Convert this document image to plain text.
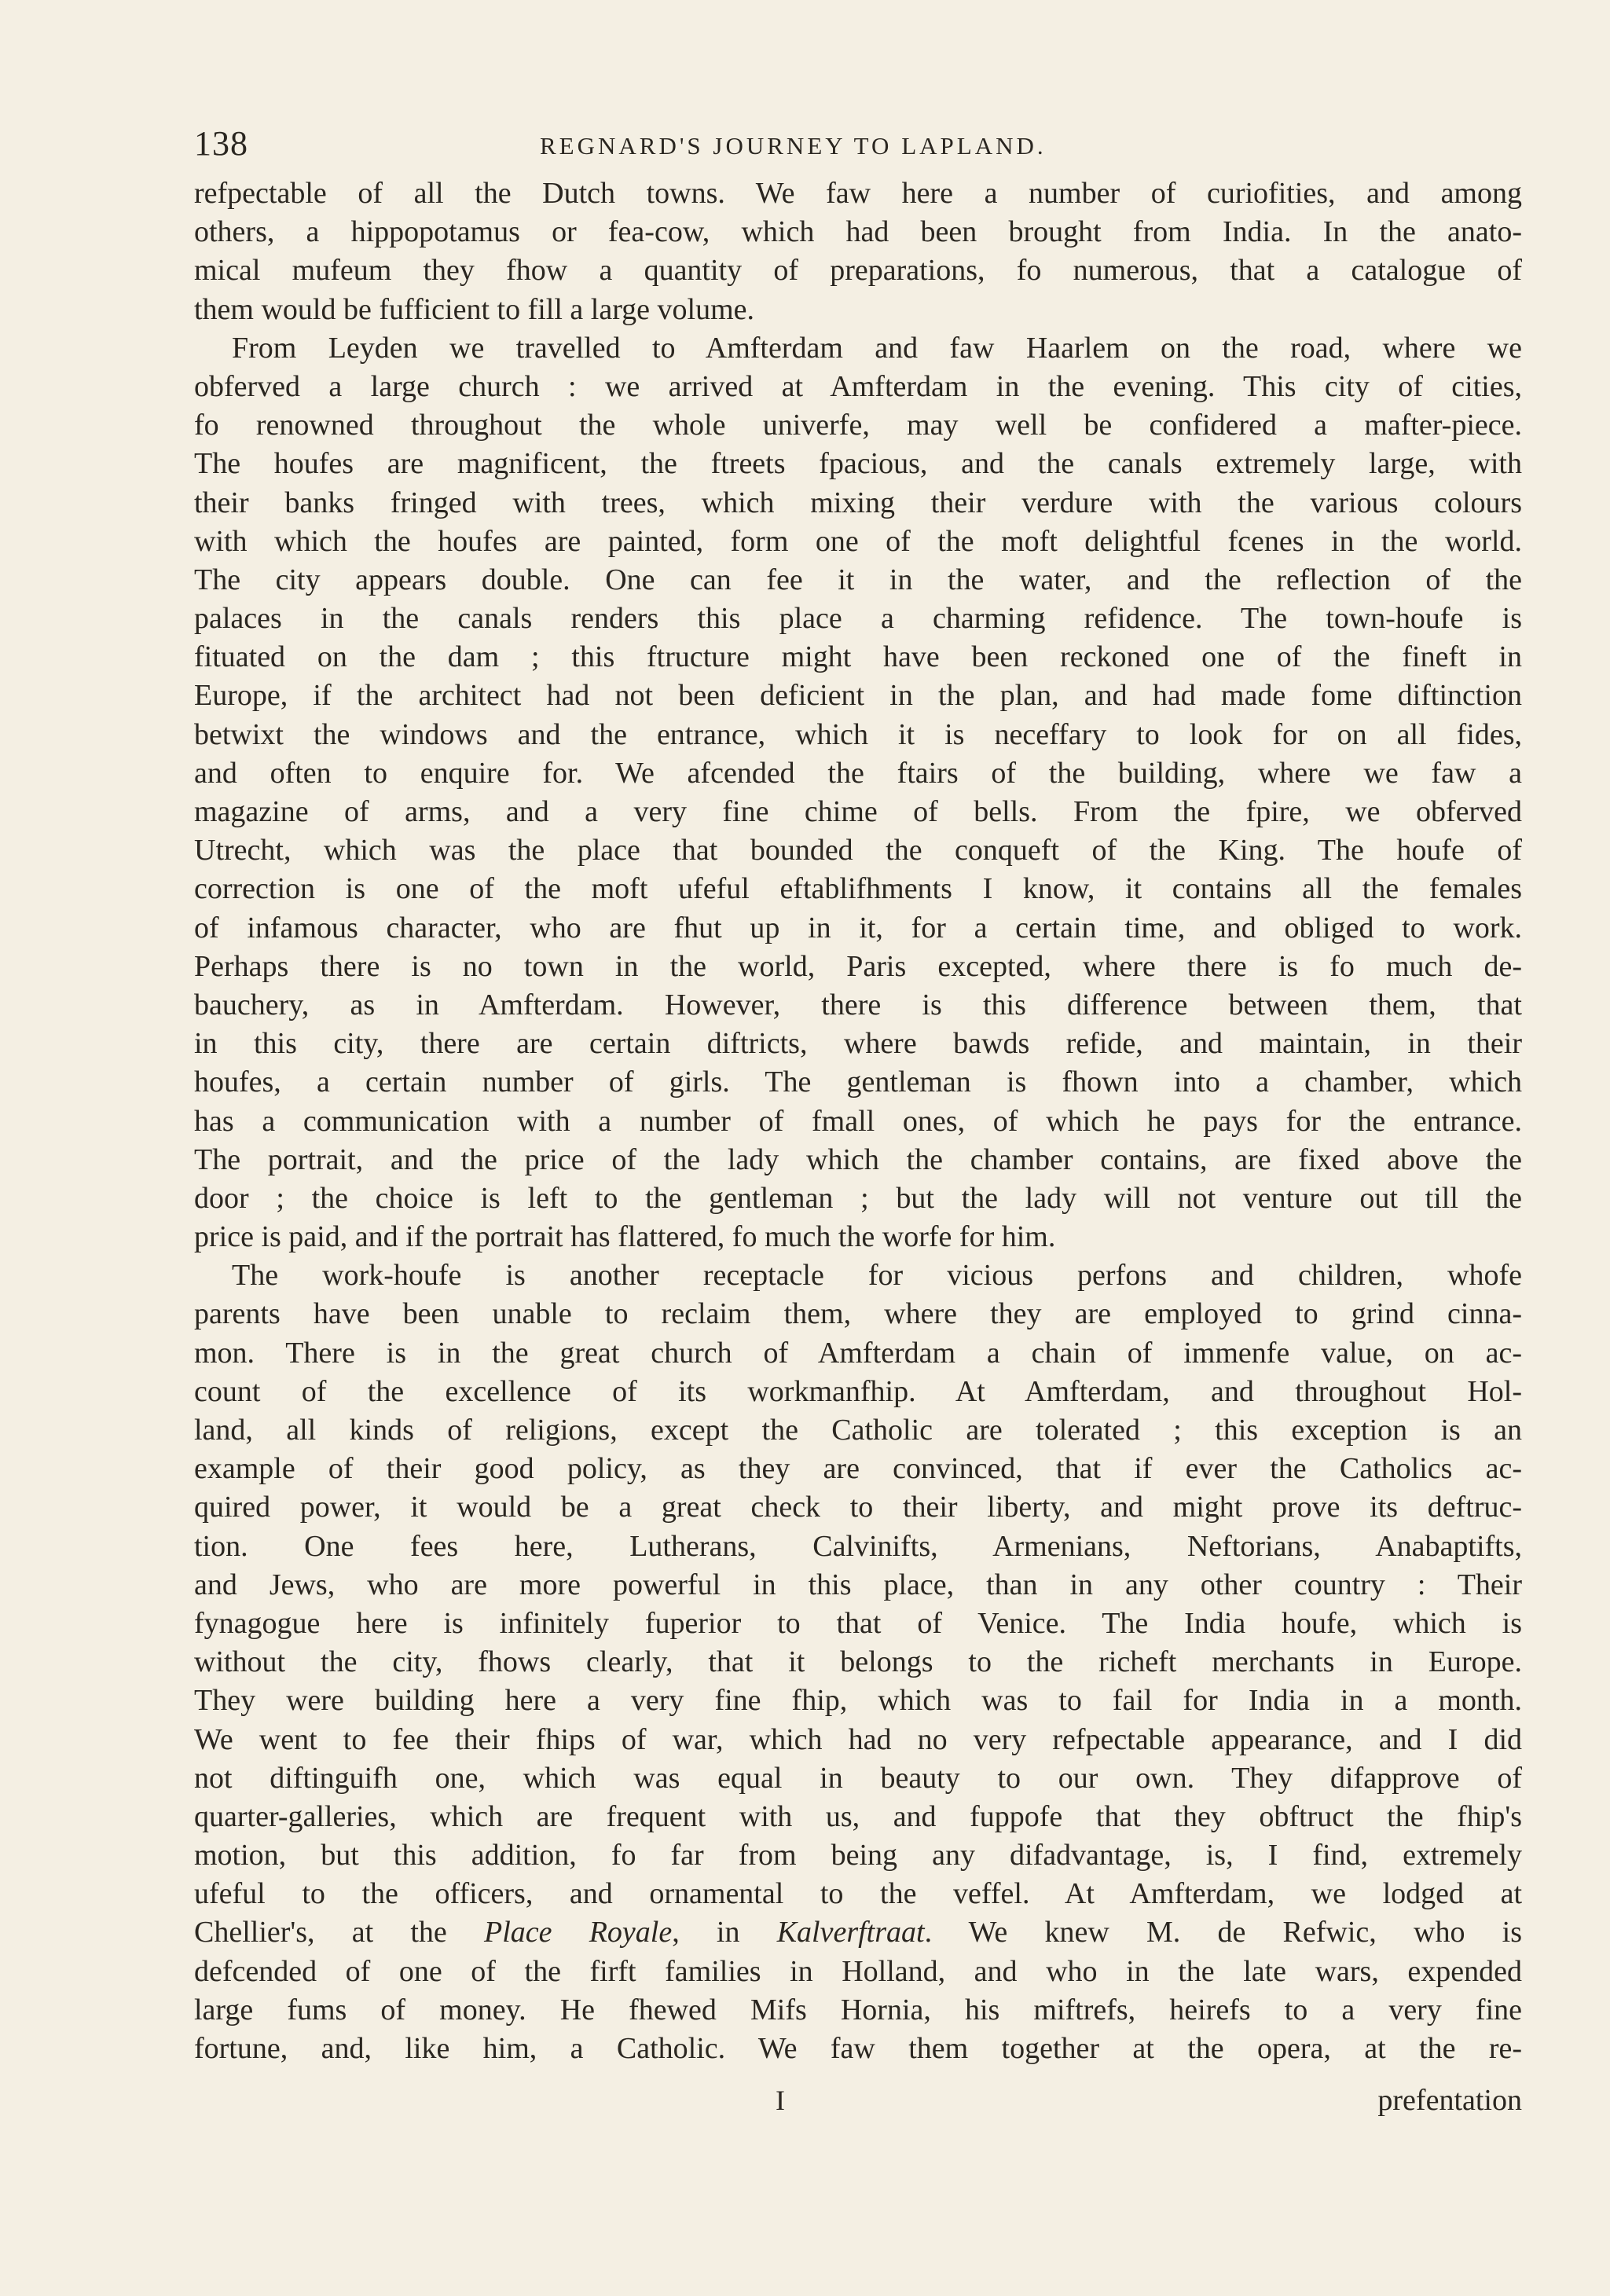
138	REGNARD'S JOURNEY TO LAPLAND.
refpectable of all the Dutch towns. We faw here a number of curiofities, and among
others, a hippopotamus or fea-cow, which had been brought from India. In the anato-
mical mufeum they fhow a quantity of preparations, fo numerous, that a catalogue of
them would be fufficient to fill a large volume.
From Leyden we travelled to Amfterdam and faw Haarlem on the road, where we
obferved a large church : we arrived at Amfterdam in the evening. This city of cities,
fo renowned throughout the whole univerfe, may well be confidered a mafter-piece.
The houfes are magnificent, the ftreets fpacious, and the canals extremely large, with
their banks fringed with trees, which mixing their verdure with the various colours
with which the houfes are painted, form one of the moft delightful fcenes in the world.
The city appears double. One can fee it in the water, and the reflection of the
palaces in the canals renders this place a charming refidence. The town-houfe is
fituated on the dam ; this ftructure might have been reckoned one of the fineft in
Europe, if the architect had not been deficient in the plan, and had made fome diftinction
betwixt the windows and the entrance, which it is neceffary to look for on all fides,
and often to enquire for. We afcended the ftairs of the building, where we faw a
magazine of arms, and a very fine chime of bells. From the fpire, we obferved
Utrecht, which was the place that bounded the conqueft of the King. The houfe of
correction is one of the moft ufeful eftablifhments I know, it contains all the females
of infamous character, who are fhut up in it, for a certain time, and obliged to work.
Perhaps there is no town in the world, Paris excepted, where there is fo much de-
bauchery, as in Amfterdam. However, there is this difference between them, that
in this city, there are certain diftricts, where bawds refide, and maintain, in their
houfes, a certain number of girls. The gentleman is fhown into a chamber, which
has a communication with a number of fmall ones, of which he pays for the entrance.
The portrait, and the price of the lady which the chamber contains, are fixed above the
door ; the choice is left to the gentleman ; but the lady will not venture out till the
price is paid, and if the portrait has flattered, fo much the worfe for him.
The work-houfe is another receptacle for vicious perfons and children, whofe
parents have been unable to reclaim them, where they are employed to grind cinna-
mon. There is in the great church of Amfterdam a chain of immenfe value, on ac-
count of the excellence of its workmanfhip. At Amfterdam, and throughout Hol-
land, all kinds of religions, except the Catholic are tolerated ; this exception is an
example of their good policy, as they are convinced, that if ever the Catholics ac-
quired power, it would be a great check to their liberty, and might prove its deftruc-
tion. One fees here, Lutherans, Calvinifts, Armenians, Neftorians, Anabaptifts,
and Jews, who are more powerful in this place, than in any other country : Their
fynagogue here is infinitely fuperior to that of Venice. The India houfe, which is
without the city, fhows clearly, that it belongs to the richeft merchants in Europe.
They were building here a very fine fhip, which was to fail for India in a month.
We went to fee their fhips of war, which had no very refpectable appearance, and I did
not diftinguifh one, which was equal in beauty to our own. They difapprove of
quarter-galleries, which are frequent with us, and fuppofe that they obftruct the fhip's
motion, but this addition, fo far from being any difadvantage, is, I find, extremely
ufeful to the officers, and ornamental to the veffel. At Amfterdam, we lodged at
Chellier's, at the Place Royale, in Kalverftraat. We knew M. de Refwic, who is
defcended of one of the firft families in Holland, and who in the late wars, expended
large fums of money. He fhewed Mifs Hornia, his miftrefs, heirefs to a very fine
fortune, and, like him, a Catholic. We faw them together at the opera, at the re-
I	prefentation
